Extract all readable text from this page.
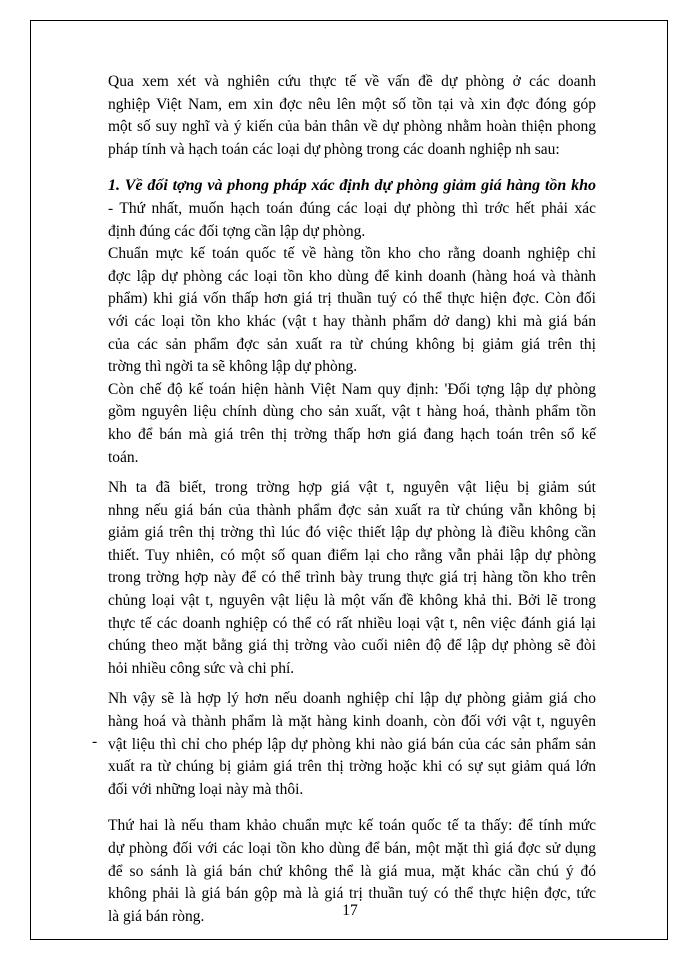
Qua xem xét và nghiên cứu thực tế về vấn đề dự phòng ở các doanh
nghiệp Việt Nam, em xin đợc nêu lên một số tồn tại và xin đợc đóng góp
một số suy nghĩ và ý kiến của bản thân về dự phòng nhằm hoàn thiện phong
pháp tính và hạch toán các loại dự phòng trong các doanh nghiệp nh sau:
1. Về đối tợng và phong pháp xác định dự phòng giảm giá hàng tồn kho
- Thứ nhất, muốn hạch toán đúng các loại dự phòng thì trớc hết phải xác
định đúng các đối tợng cần lập dự phòng.
Chuẩn mực kế toán quốc tế về hàng tồn kho cho rằng doanh nghiệp chỉ
đợc lập dự phòng các loại tồn kho dùng để kinh doanh (hàng hoá và thành
phẩm) khi giá vốn thấp hơn giá trị thuần tuý có thể thực hiện đợc. Còn đối
với các loại tồn kho khác (vật t hay thành phẩm dở dang) khi mà giá bán
của các sản phẩm đợc sản xuất ra từ chúng không bị giảm giá trên thị
trờng thì ngời ta sẽ không lập dự phòng.
Còn chế độ kế toán hiện hành Việt Nam quy định: 'Đối tợng lập dự phòng
gồm nguyên liệu chính dùng cho sản xuất, vật t hàng hoá, thành phẩm tồn
kho để bán mà giá trên thị trờng thấp hơn giá đang hạch toán trên sổ kế
toán.
Nh ta đã biết, trong trờng hợp giá vật t, nguyên vật liệu bị giảm sút
nhng nếu giá bán của thành phẩm đợc sản xuất ra từ chúng vẫn không bị
giảm giá trên thị trờng thì lúc đó việc thiết lập dự phòng là điều không cần
thiết. Tuy nhiên, có một số quan điểm lại cho rằng vẫn phải lập dự phòng
trong trờng hợp này để có thể trình bày trung thực giá trị hàng tồn kho trên
chủng loại vật t, nguyên vật liệu là một vấn đề không khả thi. Bởi lẽ trong
thực tế các doanh nghiệp có thể có rất nhiều loại vật t, nên việc đánh giá lại
chúng theo mặt bằng giá thị trờng vào cuối niên độ để lập dự phòng sẽ đòi
hỏi nhiều công sức và chi phí.
Nh vậy sẽ là hợp lý hơn nếu doanh nghiệp chỉ lập dự phòng giảm giá cho
hàng hoá và thành phẩm là mặt hàng kinh doanh, còn đối với vật t, nguyên
vật liệu thì chỉ cho phép lập dự phòng khi nào giá bán của các sản phẩm sản
xuất ra từ chúng bị giảm giá trên thị trờng hoặc khi có sự sụt giảm quá lớn
đối với những loại này mà thôi.
Thứ hai là nếu tham khảo chuẩn mực kế toán quốc tế ta thấy: để tính mức
dự phòng đối với các loại tồn kho dùng để bán, một mặt thì giá đợc sử dụng
để so sánh là giá bán chứ không thể là giá mua, mặt khác cần chú ý đó
không phải là giá bán gộp mà là giá trị thuần tuý có thể thực hiện đợc, tức
là giá bán ròng.
-
17
